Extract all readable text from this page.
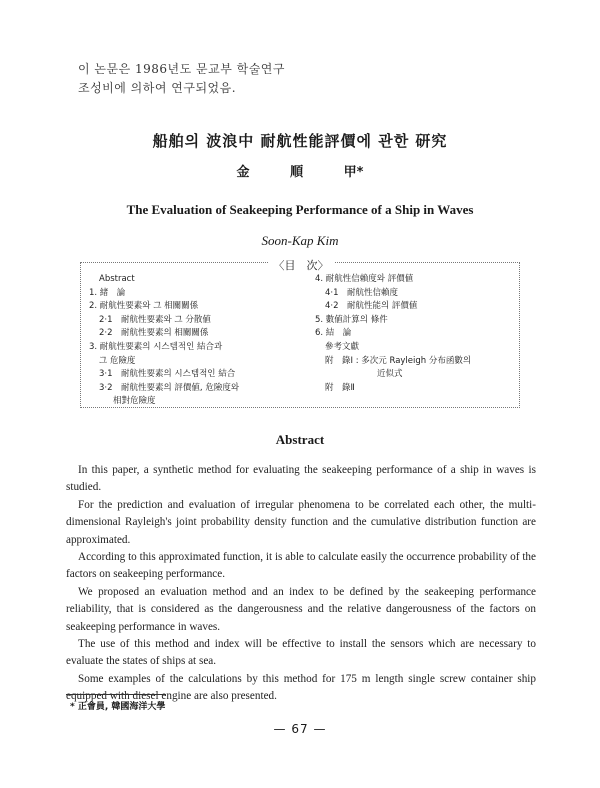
이 논문은 1986년도 문교부 학술연구
조성비에 의하여 연구되었음.
船舶의 波浪中 耐航性能評價에 관한 研究
金	順	甲*
The Evaluation of Seakeeping Performance of a Ship in Waves
Soon-Kap Kim
〈目　次〉
Abstract
1. 緒　論
2. 耐航性要素와 그 相關關係
2·1　耐航性要素와 그 分散値
2·2　耐航性要素의 相關關係
3. 耐航性要素의 시스템적인 結合과
그 危險度
3·1　耐航性要素의 시스템적인 結合
3·2　耐航性要素의 評價値, 危險度와
相對危險度
4. 耐航性信賴度와 評價値
4·1　耐航性信賴度
4·2　耐航性能의 評價値
5. 數値計算의 條件
6. 結　論
參考文獻
附　錄Ⅰ : 多次元 Rayleigh 分布函數의
近似式
附　錄Ⅱ
Abstract

In this paper, a synthetic method for evaluating the seakeeping performance of a ship in waves is studied.

For the prediction and evaluation of irregular phenomena to be correlated each other, the multi-dimensional Rayleigh's joint probability density function and the cumulative distribution function are approximated.

According to this approximated function, it is able to calculate easily the occurrence probability of the factors on seakeeping performance.

We proposed an evaluation method and an index to be defined by the seakeeping performance reliability, that is considered as the dangerousness and the relative dangerousness of the factors on seakeeping performance in waves.

The use of this method and index will be effective to install the sensors which are necessary to evaluate the states of ships at sea.

Some examples of the calculations by this method for 175 m length single screw container ship equipped with diesel engine are also presented.

* 正會員, 韓國海洋大學
— 67 —
